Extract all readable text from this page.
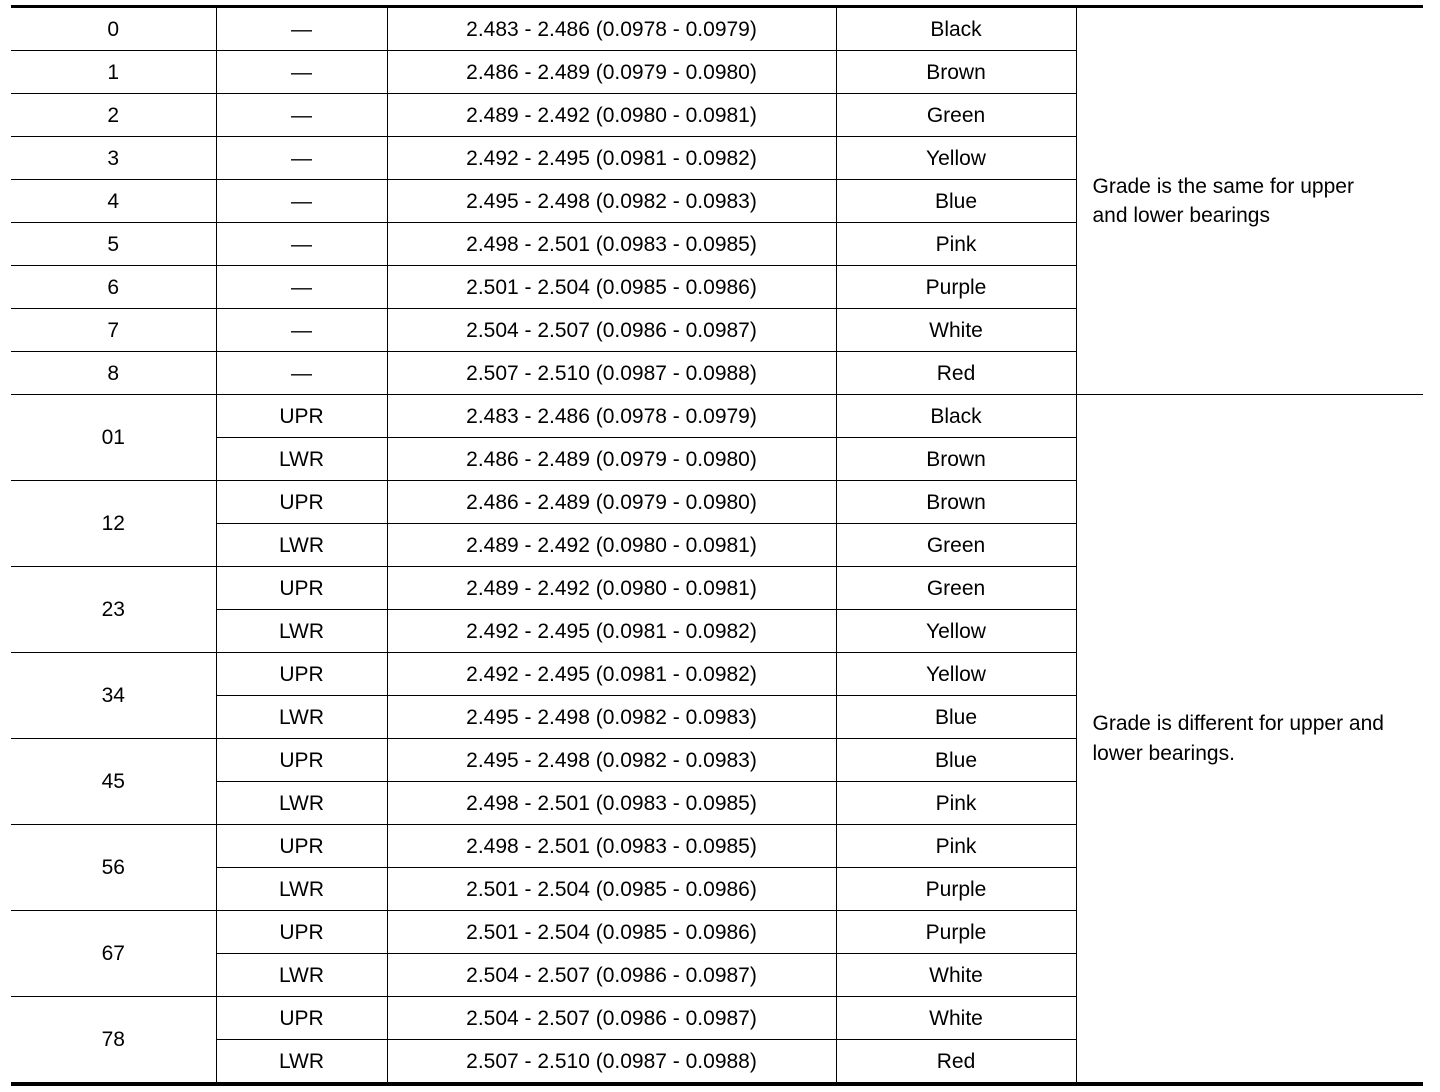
0	—	2.483 - 2.486 (0.0978 - 0.0979)	Black	Grade is the same for upper
and lower bearings

1	—	2.486 - 2.489 (0.0979 - 0.0980)	Brown	
2	—	2.489 - 2.492 (0.0980 - 0.0981)	Green	
3	—	2.492 - 2.495 (0.0981 - 0.0982)	Yellow	
4	—	2.495 - 2.498 (0.0982 - 0.0983)	Blue	
5	—	2.498 - 2.501 (0.0983 - 0.0985)	Pink	
6	—	2.501 - 2.504 (0.0985 - 0.0986)	Purple	
7	—	2.504 - 2.507 (0.0986 - 0.0987)	White	
8	—	2.507 - 2.510 (0.0987 - 0.0988)	Red	
01	UPR	2.483 - 2.486 (0.0978 - 0.0979)	Black	Grade is different for upper and
lower bearings.

	LWR	2.486 - 2.489 (0.0979 - 0.0980)	Brown	
12	UPR	2.486 - 2.489 (0.0979 - 0.0980)	Brown	
	LWR	2.489 - 2.492 (0.0980 - 0.0981)	Green	
23	UPR	2.489 - 2.492 (0.0980 - 0.0981)	Green	
	LWR	2.492 - 2.495 (0.0981 - 0.0982)	Yellow	
34	UPR	2.492 - 2.495 (0.0981 - 0.0982)	Yellow	
	LWR	2.495 - 2.498 (0.0982 - 0.0983)	Blue	
45	UPR	2.495 - 2.498 (0.0982 - 0.0983)	Blue	
	LWR	2.498 - 2.501 (0.0983 - 0.0985)	Pink	
56	UPR	2.498 - 2.501 (0.0983 - 0.0985)	Pink	
	LWR	2.501 - 2.504 (0.0985 - 0.0986)	Purple	
67	UPR	2.501 - 2.504 (0.0985 - 0.0986)	Purple	
	LWR	2.504 - 2.507 (0.0986 - 0.0987)	White	
78	UPR	2.504 - 2.507 (0.0986 - 0.0987)	White	
	LWR	2.507 - 2.510 (0.0987 - 0.0988)	Red	
